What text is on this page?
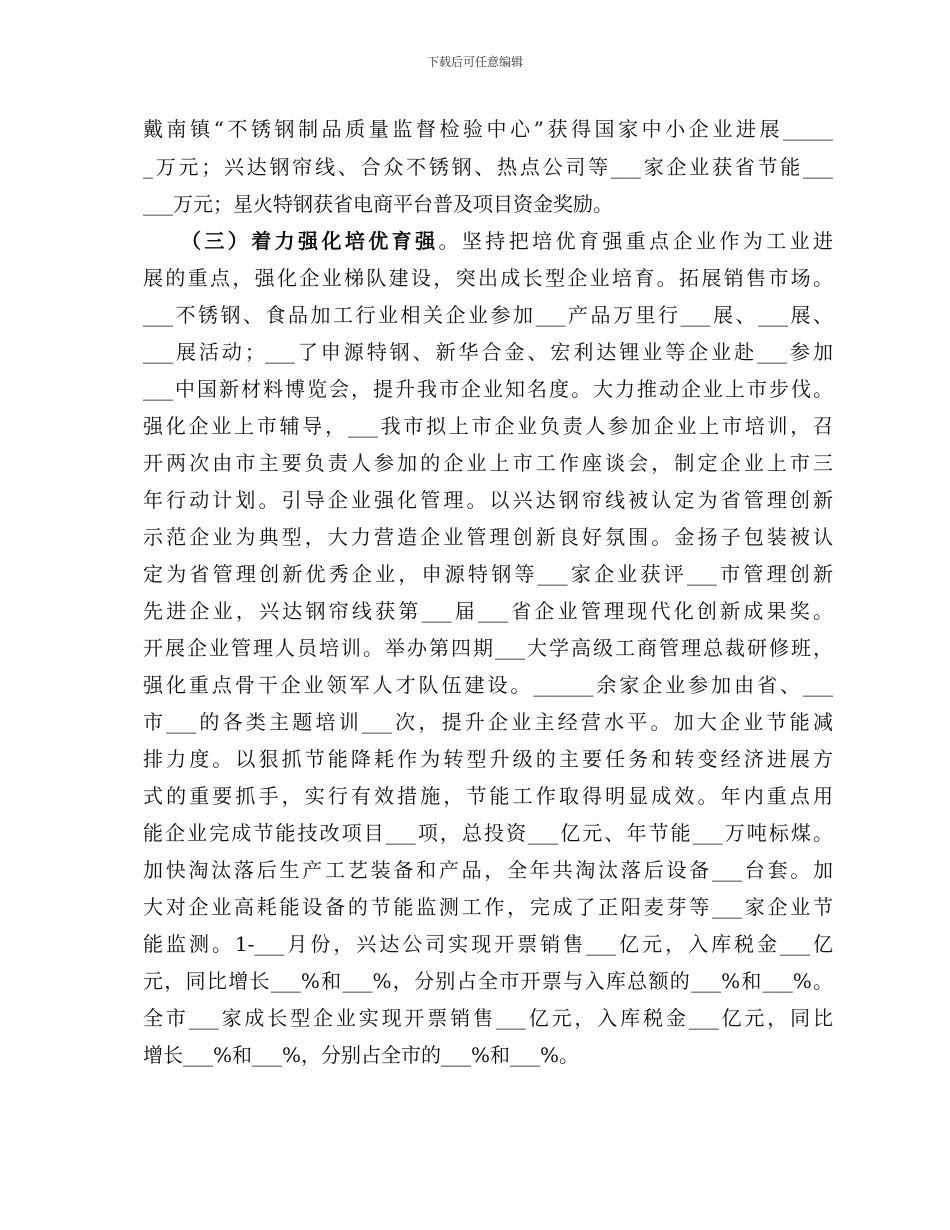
下载后可任意编辑
戴南镇“不锈钢制品质量监督检验中心”获得国家中小企业进展_____
_万元；兴达钢帘线、合众不锈钢、热点公司等___家企业获省节能___
___万元；星火特钢获省电商平台普及项目资金奖励。
（三）着力强化培优育强。坚持把培优育强重点企业作为工业进
展的重点，强化企业梯队建设，突出成长型企业培育。拓展销售市场。
___不锈钢、食品加工行业相关企业参加___产品万里行___展、___展、
___展活动；___了申源特钢、新华合金、宏利达锂业等企业赴___参加
___中国新材料博览会，提升我市企业知名度。大力推动企业上市步伐。
强化企业上市辅导，___我市拟上市企业负责人参加企业上市培训，召
开两次由市主要负责人参加的企业上市工作座谈会，制定企业上市三
年行动计划。引导企业强化管理。以兴达钢帘线被认定为省管理创新
示范企业为典型，大力营造企业管理创新良好氛围。金扬子包装被认
定为省管理创新优秀企业，申源特钢等___家企业获评___市管理创新
先进企业，兴达钢帘线获第___届___省企业管理现代化创新成果奖。
开展企业管理人员培训。举办第四期___大学高级工商管理总裁研修班，
强化重点骨干企业领军人才队伍建设。______余家企业参加由省、___
市___的各类主题培训___次，提升企业主经营水平。加大企业节能减
排力度。以狠抓节能降耗作为转型升级的主要任务和转变经济进展方
式的重要抓手，实行有效措施，节能工作取得明显成效。年内重点用
能企业完成节能技改项目___项，总投资___亿元、年节能___万吨标煤。
加快淘汰落后生产工艺装备和产品，全年共淘汰落后设备___台套。加
大对企业高耗能设备的节能监测工作，完成了正阳麦芽等___家企业节
能监测。1-___月份，兴达公司实现开票销售___亿元，入库税金___亿
元，同比增长___%和___%，分别占全市开票与入库总额的___%和___%。
全市___家成长型企业实现开票销售___亿元，入库税金___亿元，同比
增长___%和___%，分别占全市的___%和___%。
